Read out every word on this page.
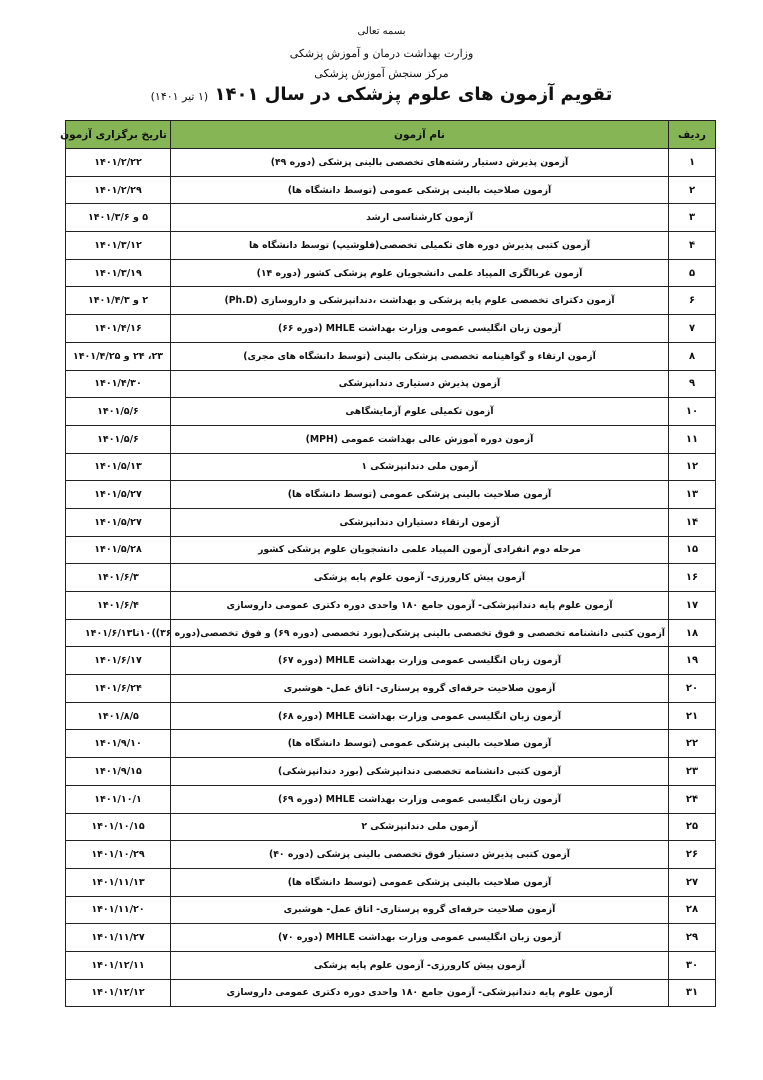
بسمه تعالی
وزارت بهداشت درمان و آموزش پزشکی
مرکز سنجش آموزش پزشکی
تقویم آزمون های علوم پزشکی در سال ۱۴۰۱ (۱ تیر ۱۴۰۱)
ردیف	نام آزمون	تاریخ برگزاری آزمون
۱	آزمون پذیرش دستیار رشته‌های تخصصی بالینی پزشکی (دوره ۴۹)	۱۴۰۱/۲/۲۲
۲	آزمون صلاحیت بالینی پزشکی عمومی (توسط دانشگاه ها)	۱۴۰۱/۲/۲۹
۳	آزمون کارشناسی ارشد	۵ و ۱۴۰۱/۳/۶
۴	آزمون کتبی پذیرش دوره های تکمیلی تخصصی(فلوشیپ) توسط دانشگاه ها	۱۴۰۱/۳/۱۲
۵	آزمون غربالگری المپیاد علمی دانشجویان علوم پزشکی کشور (دوره ۱۴)	۱۴۰۱/۳/۱۹
۶	آزمون دکترای تخصصی علوم پایه پزشکی و بهداشت ،دندانپزشکی و داروسازی (Ph.D)	۲ و ۱۴۰۱/۴/۳
۷	آزمون زبان انگلیسی عمومی وزارت بهداشت MHLE (دوره ۶۶)	۱۴۰۱/۴/۱۶
۸	آزمون ارتقاء و گواهینامه تخصصی پزشکی بالینی (توسط دانشگاه های مجری)	۲۳، ۲۴ و ۱۴۰۱/۴/۲۵
۹	آزمون پذیرش دستیاری دندانپزشکی	۱۴۰۱/۴/۳۰
۱۰	آزمون تکمیلی علوم آزمایشگاهی	۱۴۰۱/۵/۶
۱۱	آزمون دوره آموزش عالی بهداشت عمومی (MPH)	۱۴۰۱/۵/۶
۱۲	آزمون ملی دندانپزشکی ۱	۱۴۰۱/۵/۱۳
۱۳	آزمون صلاحیت بالینی پزشکی عمومی (توسط دانشگاه ها)	۱۴۰۱/۵/۲۷
۱۴	آزمون ارتقاء دستیاران دندانپزشکی	۱۴۰۱/۵/۲۷
۱۵	مرحله دوم انفرادی آزمون المپیاد علمی دانشجویان علوم پزشکی کشور	۱۴۰۱/۵/۲۸
۱۶	آزمون پیش کارورزی- آزمون علوم پایه پزشکی	۱۴۰۱/۶/۳
۱۷	آزمون علوم پایه دندانپزشکی- آزمون جامع ۱۸۰ واحدی دوره دکتری عمومی داروسازی	۱۴۰۱/۶/۴
۱۸	آزمون کتبی دانشنامه تخصصی و فوق تخصصی بالینی پزشکی(بورد تخصصی (دوره ۶۹) و فوق تخصصی(دوره ۳۶))	۱۰تا۱۴۰۱/۶/۱۳
۱۹	آزمون زبان انگلیسی عمومی وزارت بهداشت MHLE (دوره ۶۷)	۱۴۰۱/۶/۱۷
۲۰	آزمون صلاحیت حرفه‌ای گروه پرستاری- اتاق عمل- هوشبری	۱۴۰۱/۶/۲۴
۲۱	آزمون زبان انگلیسی عمومی وزارت بهداشت MHLE (دوره ۶۸)	۱۴۰۱/۸/۵
۲۲	آزمون صلاحیت بالینی پزشکی عمومی (توسط دانشگاه ها)	۱۴۰۱/۹/۱۰
۲۳	آزمون کتبی دانشنامه تخصصی دندانپزشکی (بورد دندانپزشکی)	۱۴۰۱/۹/۱۵
۲۴	آزمون زبان انگلیسی عمومی وزارت بهداشت MHLE (دوره ۶۹)	۱۴۰۱/۱۰/۱
۲۵	آزمون ملی دندانپزشکی ۲	۱۴۰۱/۱۰/۱۵
۲۶	آزمون کتبی پذیرش دستیار فوق تخصصی بالینی پزشکی (دوره ۴۰)	۱۴۰۱/۱۰/۲۹
۲۷	آزمون صلاحیت بالینی پزشکی عمومی (توسط دانشگاه ها)	۱۴۰۱/۱۱/۱۳
۲۸	آزمون صلاحیت حرفه‌ای گروه پرستاری- اتاق عمل- هوشبری	۱۴۰۱/۱۱/۲۰
۲۹	آزمون زبان انگلیسی عمومی وزارت بهداشت MHLE (دوره ۷۰)	۱۴۰۱/۱۱/۲۷
۳۰	آزمون پیش کارورزی- آزمون علوم پایه پزشکی	۱۴۰۱/۱۲/۱۱
۳۱	آزمون علوم پایه دندانپزشکی- آزمون جامع ۱۸۰ واحدی دوره دکتری عمومی داروسازی	۱۴۰۱/۱۲/۱۲
